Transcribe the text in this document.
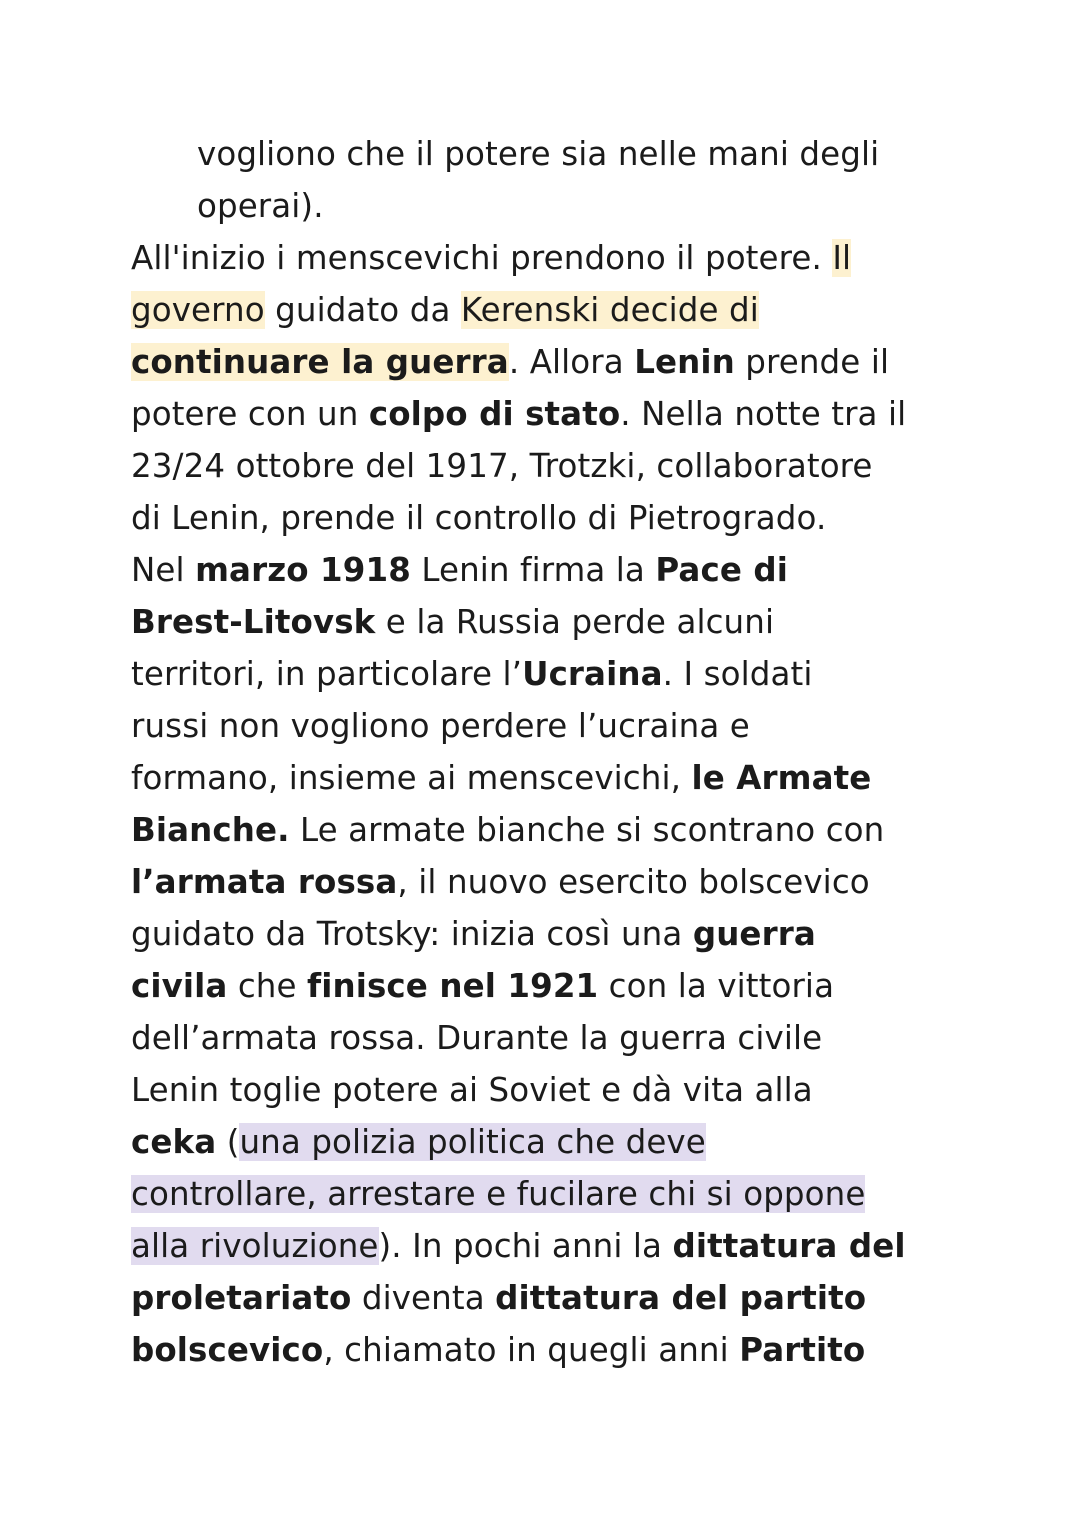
vogliono che il potere sia nelle mani degli
operai).
All'inizio i menscevichi prendono il potere. Il
governo guidato da Kerenski decide di
continuare la guerra. Allora Lenin prende il
potere con un colpo di stato. Nella notte tra il
23/24 ottobre del 1917, Trotzki, collaboratore
di Lenin, prende il controllo di Pietrogrado.
Nel marzo 1918 Lenin firma la Pace di
Brest-Litovsk e la Russia perde alcuni
territori, in particolare l’Ucraina. I soldati
russi non vogliono perdere l’ucraina e
formano, insieme ai menscevichi, le Armate
Bianche. Le armate bianche si scontrano con
l’armata rossa, il nuovo esercito bolscevico
guidato da Trotsky: inizia così una guerra
civila che finisce nel 1921 con la vittoria
dell’armata rossa. Durante la guerra civile
Lenin toglie potere ai Soviet e dà vita alla
ceka (una polizia politica che deve
controllare, arrestare e fucilare chi si oppone
alla rivoluzione). In pochi anni la dittatura del
proletariato diventa dittatura del partito
bolscevico, chiamato in quegli anni Partito
